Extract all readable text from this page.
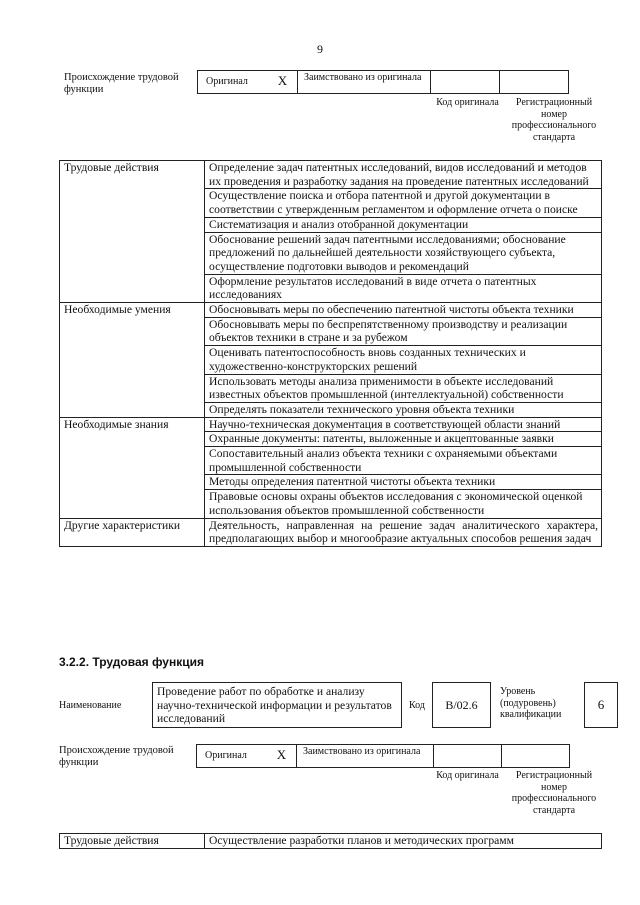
9
Происхождение трудовой функции
Оригинал	X	Заимствовано из оригинала
Код оригинала	Регистрационный номер профессионального стандарта
Трудовые действия	Определение задач патентных исследований, видов исследований и методов их проведения и разработку задания на проведение патентных исследований
	Осуществление поиска и отбора патентной и другой документации в соответствии с утвержденным регламентом и оформление отчета о поиске
	Систематизация и анализ отобранной документации
	Обоснование решений задач патентными исследованиями; обоснование предложений по дальнейшей деятельности хозяйствующего субъекта, осуществление подготовки выводов и рекомендаций
	Оформление результатов исследований в виде отчета о патентных исследованиях
Необходимые умения	Обосновывать меры по обеспечению патентной чистоты объекта техники
	Обосновывать меры по беспрепятственному производству и реализации объектов техники в стране и за рубежом
	Оценивать патентоспособность вновь созданных технических и художественно-конструкторских решений
	Использовать методы анализа применимости в объекте исследований известных объектов промышленной (интеллектуальной) собственности
	Определять показатели технического уровня объекта техники
Необходимые знания	Научно-техническая документация в соответствующей области знаний
	Охранные документы: патенты, выложенные и акцептованные заявки
	Сопоставительный анализ объекта техники с охраняемыми объектами промышленной собственности
	Методы определения патентной чистоты объекта техники
	Правовые основы охраны объектов исследования с экономической оценкой использования объектов промышленной собственности
Другие характеристики	Деятельность, направленная на решение задач аналитического характера, предполагающих выбор и многообразие актуальных способов решения задач
3.2.2. Трудовая функция
Наименование
Проведение работ по обработке и анализу научно-технической информации и результатов исследований
Код	B/02.6
Уровень (подуровень) квалификации
6
Происхождение трудовой функции
Оригинал	X	Заимствовано из оригинала
Код оригинала	Регистрационный номер профессионального стандарта
Трудовые действия	Осуществление разработки планов и методических программ
